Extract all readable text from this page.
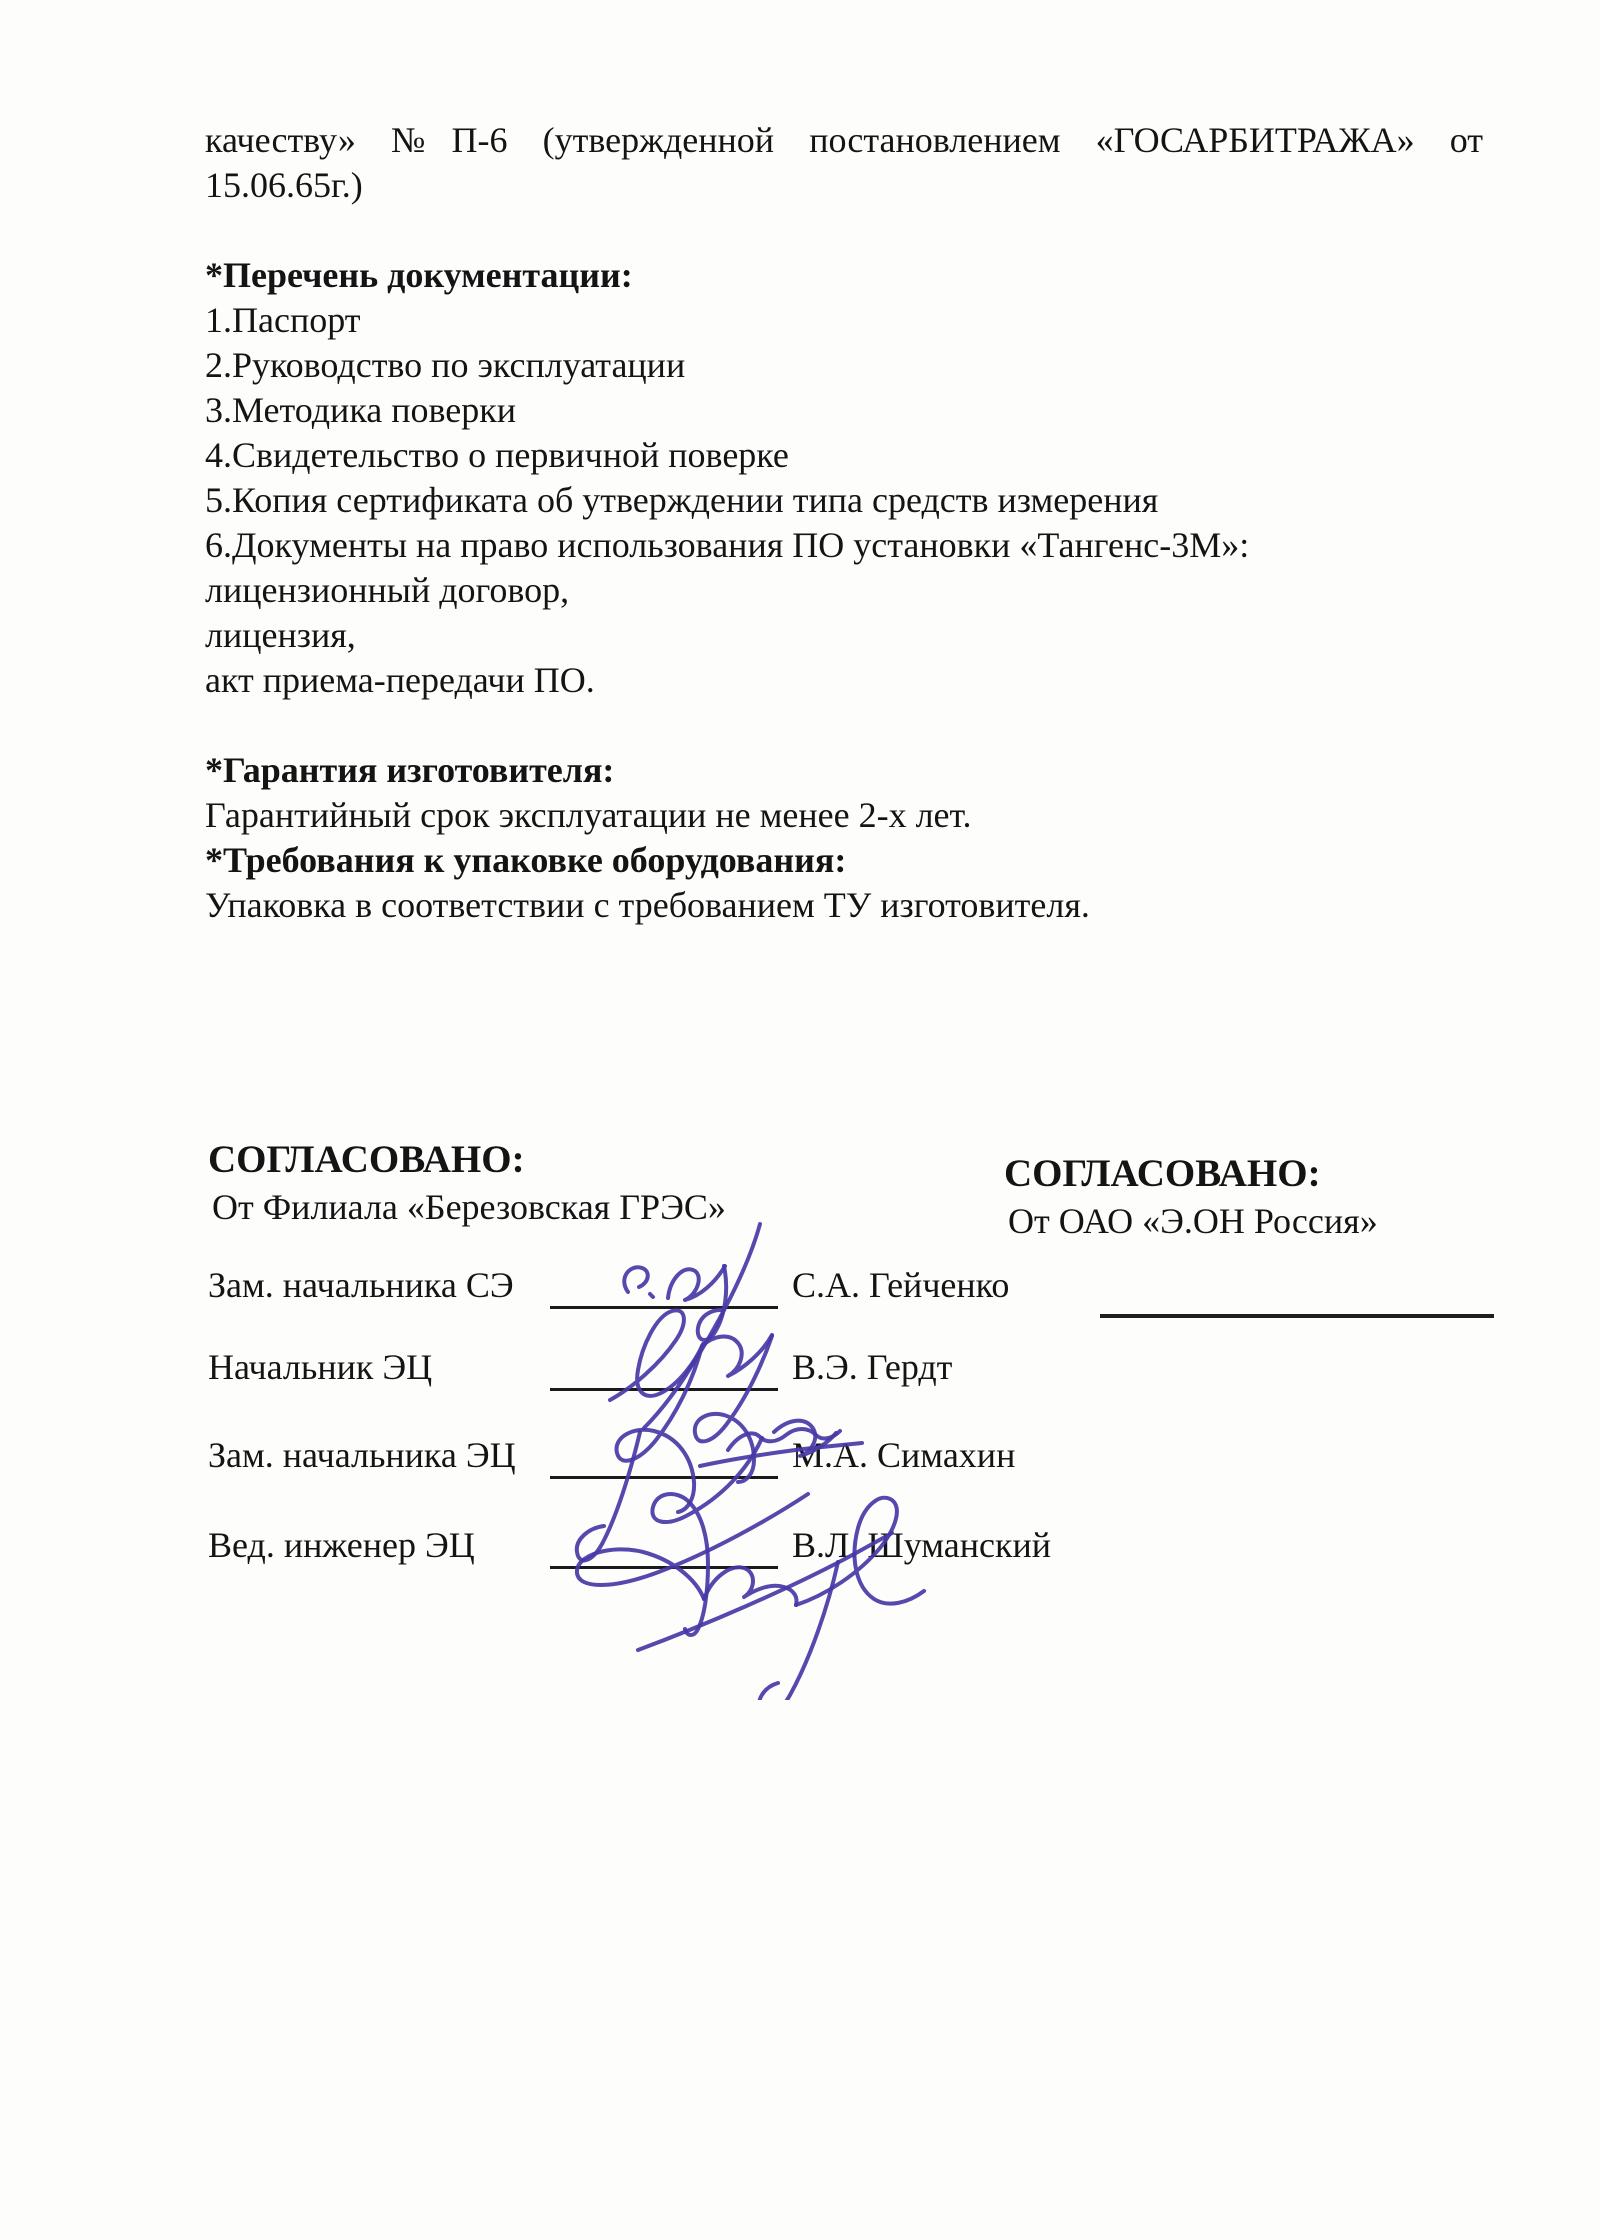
качеству» №П-6 (утвержденной постановлением «ГОСАРБИТРАЖА» от

15.06.65г.)

*Перечень документации:

1.Паспорт

2.Руководство по эксплуатации

3.Методика поверки

4.Свидетельство о первичной поверке

5.Копия сертификата об утверждении типа средств измерения

6.Документы на право использования ПО установки «Тангенс-3М»:

лицензионный договор,

лицензия,

акт приема-передачи ПО.

*Гарантия изготовителя:

Гарантийный срок эксплуатации не менее 2-х лет.

*Требования к упаковке оборудования:

Упаковка в соответствии с требованием ТУ изготовителя.

СОГЛАСОВАНО:

От Филиала «Березовская ГРЭС»

СОГЛАСОВАНО:

От ОАО «Э.ОН Россия»

Зам. начальника СЭ	С.А. Гейченко
Начальник ЭЦ	В.Э. Гердт
Зам. начальника ЭЦ	М.А. Симахин
Вед. инженер ЭЦ	В.Л. Шуманский
